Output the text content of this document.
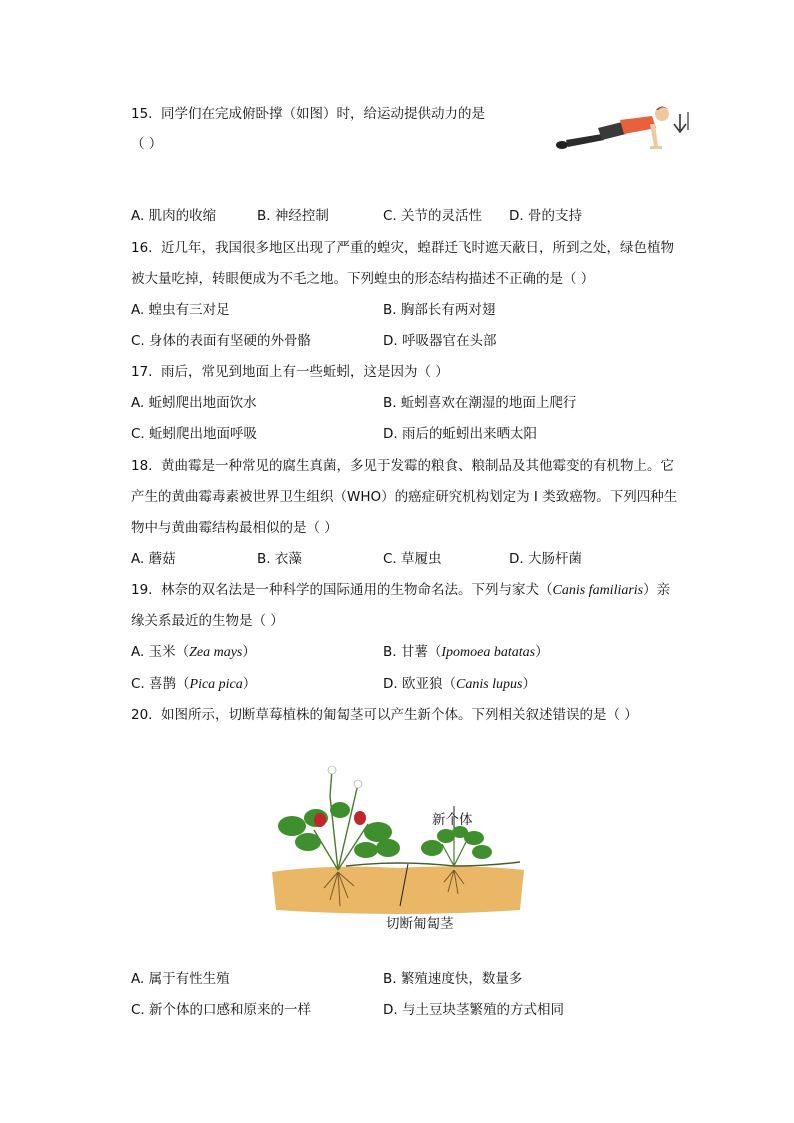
15. 同学们在完成俯卧撑（如图）时，给运动提供动力的是
（ ）
A. 肌肉的收缩	B. 神经控制	C. 关节的灵活性 D. 骨的支持
16. 近几年，我国很多地区出现了严重的蝗灾，蝗群迁飞时遮天蔽日，所到之处，绿色植物
被大量吃掉，转眼便成为不毛之地。下列蝗虫的形态结构描述不正确的是（ ）
A. 蝗虫有三对足	B. 胸部长有两对翅
C. 身体的表面有坚硬的外骨骼	D. 呼吸器官在头部
17. 雨后，常见到地面上有一些蚯蚓，这是因为（ ）
A. 蚯蚓爬出地面饮水	B. 蚯蚓喜欢在潮湿的地面上爬行
C. 蚯蚓爬出地面呼吸	D. 雨后的蚯蚓出来晒太阳
18. 黄曲霉是一种常见的腐生真菌，多见于发霉的粮食、粮制品及其他霉变的有机物上。它
产生的黄曲霉毒素被世界卫生组织（WHO）的癌症研究机构划定为 I 类致癌物。下列四种生
物中与黄曲霉结构最相似的是（ ）
A. 蘑菇	B. 衣藻	C. 草履虫	D. 大肠杆菌
19. 林奈的双名法是一种科学的国际通用的生物命名法。下列与家犬（Canis familiaris）亲
缘关系最近的生物是（ ）
A. 玉米（Zea mays）	B. 甘薯（Ipomoea batatas）
C. 喜鹊（Pica pica）	D. 欧亚狼（Canis lupus）
20. 如图所示，切断草莓植株的匍匐茎可以产生新个体。下列相关叙述错误的是（ ）
新个体
切断匍匐茎
A. 属于有性生殖	B. 繁殖速度快，数量多
C. 新个体的口感和原来的一样	D. 与土豆块茎繁殖的方式相同
